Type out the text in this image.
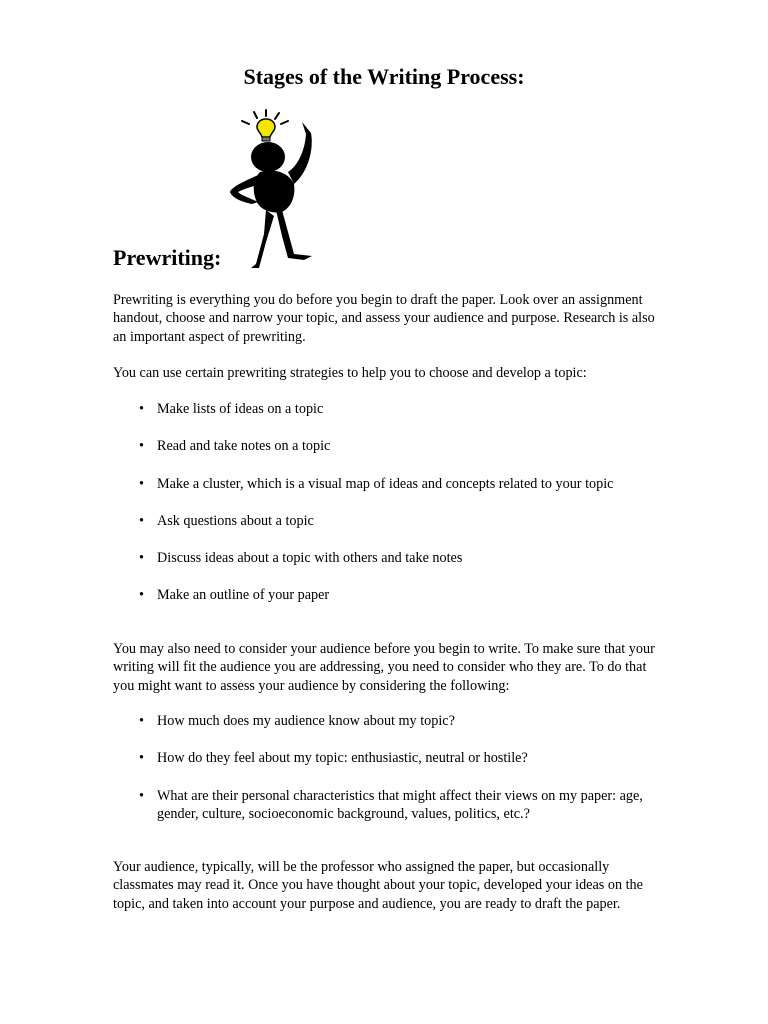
Stages of the Writing Process:
Prewriting:

Prewriting is everything you do before you begin to draft the paper. Look over an assignment handout, choose and narrow your topic, and assess your audience and purpose. Research is also an important aspect of prewriting.

You can use certain prewriting strategies to help you to choose and develop a topic:

• Make lists of ideas on a topic
• Read and take notes on a topic
• Make a cluster, which is a visual map of ideas and concepts related to your topic
• Ask questions about a topic
• Discuss ideas about a topic with others and take notes
• Make an outline of your paper

You may also need to consider your audience before you begin to write. To make sure that your writing will fit the audience you are addressing, you need to consider who they are. To do that you might want to assess your audience by considering the following:

• How much does my audience know about my topic?
• How do they feel about my topic: enthusiastic, neutral or hostile?
• What are their personal characteristics that might affect their views on my paper: age, gender, culture, socioeconomic background, values, politics, etc.?

Your audience, typically, will be the professor who assigned the paper, but occasionally classmates may read it. Once you have thought about your topic, developed your ideas on the topic, and taken into account your purpose and audience, you are ready to draft the paper.
